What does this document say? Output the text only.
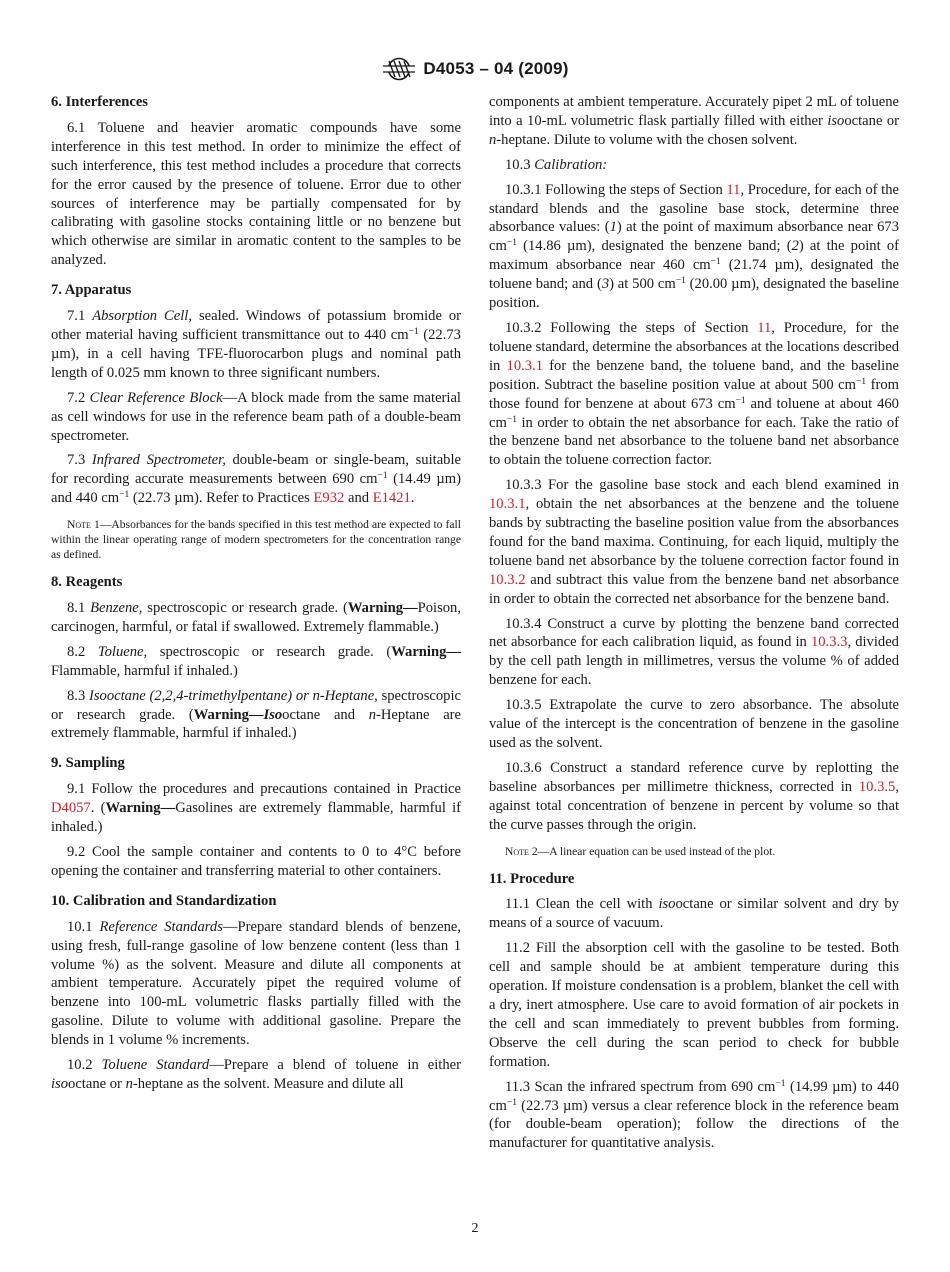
D4053 – 04 (2009)
6. Interferences

6.1 Toluene and heavier aromatic compounds have some interference in this test method. In order to minimize the effect of such interference, this test method includes a procedure that corrects for the error caused by the presence of toluene. Error due to other sources of interference may be partially compensated for by calibrating with gasoline stocks containing little or no benzene but which otherwise are similar in aromatic content to the samples to be analyzed.

7. Apparatus

7.1 Absorption Cell, sealed. Windows of potassium bromide or other material having sufficient transmittance out to 440 $cm^{-1}$ (22.73 µm), in a cell having TFE-fluorocarbon plugs and nominal path length of 0.025 mm known to three significant numbers.

7.2 Clear Reference Block—A block made from the same material as cell windows for use in the reference beam path of a double-beam spectrometer.

7.3 Infrared Spectrometer, double-beam or single-beam, suitable for recording accurate measurements between 690 $cm^{-1}$ (14.49 µm) and 440 $cm^{-1}$ (22.73 µm). Refer to Practices E932 and E1421.

Note 1—Absorbances for the bands specified in this test method are expected to fall within the linear operating range of modern spectrometers for the concentration range as defined.
8. Reagents

8.1 Benzene, spectroscopic or research grade. (Warning—Poison, carcinogen, harmful, or fatal if swallowed. Extremely flammable.)

8.2 Toluene, spectroscopic or research grade. (Warning—Flammable, harmful if inhaled.)

8.3 Isooctane (2,2,4-trimethylpentane) or n-Heptane, spectroscopic or research grade. (Warning—Isooctane and n-Heptane are extremely flammable, harmful if inhaled.)

9. Sampling

9.1 Follow the procedures and precautions contained in Practice D4057. (Warning—Gasolines are extremely flammable, harmful if inhaled.)

9.2 Cool the sample container and contents to 0 to 4°C before opening the container and transferring material to other containers.

10. Calibration and Standardization

10.1 Reference Standards—Prepare standard blends of benzene, using fresh, full-range gasoline of low benzene content (less than 1 volume %) as the solvent. Measure and dilute all components at ambient temperature. Accurately pipet the required volume of benzene into 100-mL volumetric flasks partially filled with the gasoline. Dilute to volume with additional gasoline. Prepare the blends in 1 volume % increments.

10.2 Toluene Standard—Prepare a blend of toluene in either isooctane or n-heptane as the solvent. Measure and dilute all

components at ambient temperature. Accurately pipet 2 mL of toluene into a 10-mL volumetric flask partially filled with either isooctane or n-heptane. Dilute to volume with the chosen solvent.

10.3 Calibration:

10.3.1 Following the steps of Section 11, Procedure, for each of the standard blends and the gasoline base stock, determine three absorbance values: (1) at the point of maximum absorbance near 673 $cm^{-1}$ (14.86 µm), designated the benzene band; (2) at the point of maximum absorbance near 460 $cm^{-1}$ (21.74 µm), designated the toluene band; and (3) at 500 $cm^{-1}$ (20.00 µm), designated the baseline position.

10.3.2 Following the steps of Section 11, Procedure, for the toluene standard, determine the absorbances at the locations described in 10.3.1 for the benzene band, the toluene band, and the baseline position. Subtract the baseline position value at about 500 $cm^{-1}$ from those found for benzene at about 673 $cm^{-1}$ and toluene at about 460 $cm^{-1}$ in order to obtain the net absorbance for each. Take the ratio of the benzene band net absorbance to the toluene band net absorbance to obtain the toluene correction factor.

10.3.3 For the gasoline base stock and each blend examined in 10.3.1, obtain the net absorbances at the benzene and the toluene bands by subtracting the baseline position value from the absorbances found for the band maxima. Continuing, for each liquid, multiply the toluene band net absorbance by the toluene correction factor found in 10.3.2 and subtract this value from the benzene band net absorbance in order to obtain the corrected net absorbance for the benzene band.

10.3.4 Construct a curve by plotting the benzene band corrected net absorbance for each calibration liquid, as found in 10.3.3, divided by the cell path length in millimetres, versus the volume % of added benzene for each.

10.3.5 Extrapolate the curve to zero absorbance. The absolute value of the intercept is the concentration of benzene in the gasoline used as the solvent.

10.3.6 Construct a standard reference curve by replotting the baseline absorbances per millimetre thickness, corrected in 10.3.5, against total concentration of benzene in percent by volume so that the curve passes through the origin.

Note 2—A linear equation can be used instead of the plot.
11. Procedure

11.1 Clean the cell with isooctane or similar solvent and dry by means of a source of vacuum.

11.2 Fill the absorption cell with the gasoline to be tested. Both cell and sample should be at ambient temperature during this operation. If moisture condensation is a problem, blanket the cell with a dry, inert atmosphere. Use care to avoid formation of air pockets in the cell and scan immediately to prevent bubbles from forming. Observe the cell during the scan period to check for bubble formation.

11.3 Scan the infrared spectrum from 690 $cm^{-1}$ (14.99 µm) to 440 $cm^{-1}$ (22.73 µm) versus a clear reference block in the reference beam (for double-beam operation); follow the directions of the manufacturer for quantitative analysis.

2
